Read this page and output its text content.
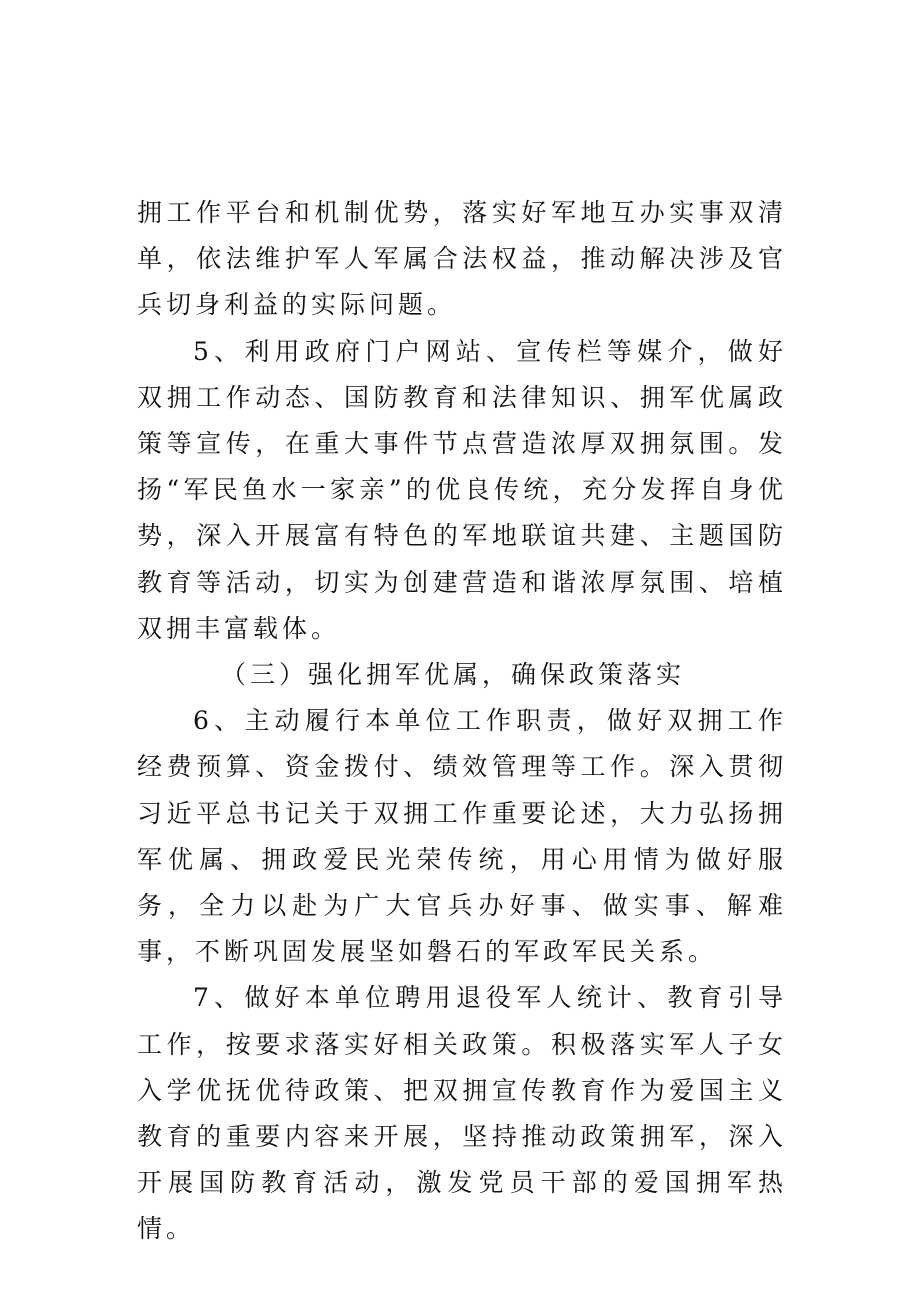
拥工作平台和机制优势，落实好军地互办实事双清单，依法维护军人军属合法权益，推动解决涉及官兵切身利益的实际问题。

5、利用政府门户网站、宣传栏等媒介，做好双拥工作动态、国防教育和法律知识、拥军优属政策等宣传，在重大事件节点营造浓厚双拥氛围。发扬“军民鱼水一家亲”的优良传统，充分发挥自身优势，深入开展富有特色的军地联谊共建、主题国防教育等活动，切实为创建营造和谐浓厚氛围、培植双拥丰富载体。

（三）强化拥军优属，确保政策落实

6、主动履行本单位工作职责，做好双拥工作经费预算、资金拨付、绩效管理等工作。深入贯彻习近平总书记关于双拥工作重要论述，大力弘扬拥军优属、拥政爱民光荣传统，用心用情为做好服务，全力以赴为广大官兵办好事、做实事、解难事，不断巩固发展坚如磐石的军政军民关系。

7、做好本单位聘用退役军人统计、教育引导工作，按要求落实好相关政策。积极落实军人子女入学优抚优待政策、把双拥宣传教育作为爱国主义教育的重要内容来开展，坚持推动政策拥军，深入开展国防教育活动，激发党员干部的爱国拥军热情。
